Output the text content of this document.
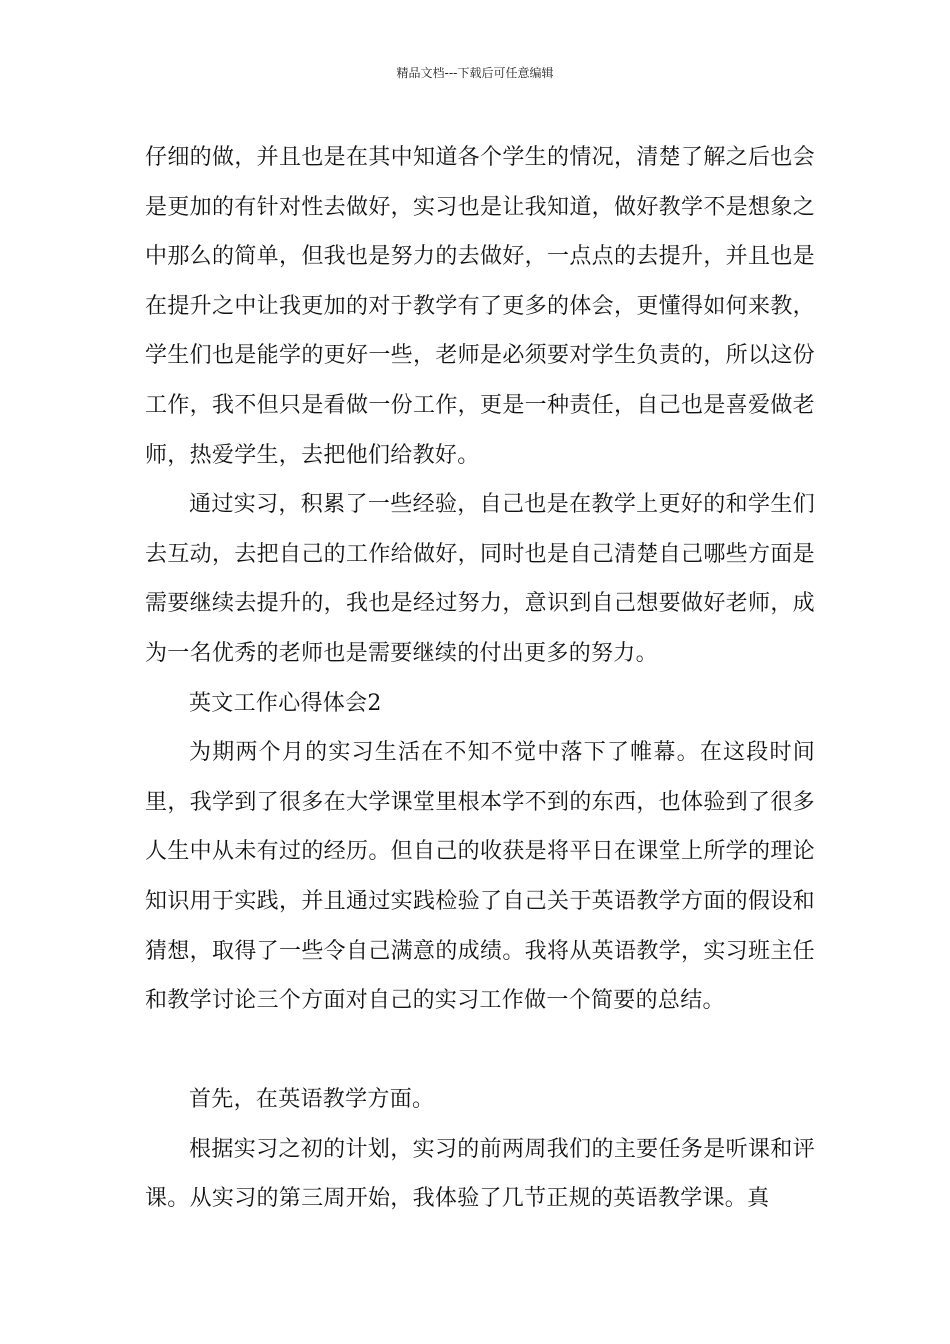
精品文档---下载后可任意编辑

仔细的做，并且也是在其中知道各个学生的情况，清楚了解之后也会是更加的有针对性去做好，实习也是让我知道，做好教学不是想象之中那么的简单，但我也是努力的去做好，一点点的去提升，并且也是在提升之中让我更加的对于教学有了更多的体会，更懂得如何来教，学生们也是能学的更好一些，老师是必须要对学生负责的，所以这份工作，我不但只是看做一份工作，更是一种责任，自己也是喜爱做老师，热爱学生，去把他们给教好。

通过实习，积累了一些经验，自己也是在教学上更好的和学生们去互动，去把自己的工作给做好，同时也是自己清楚自己哪些方面是需要继续去提升的，我也是经过努力，意识到自己想要做好老师，成为一名优秀的老师也是需要继续的付出更多的努力。

英文工作心得体会2

为期两个月的实习生活在不知不觉中落下了帷幕。在这段时间里，我学到了很多在大学课堂里根本学不到的东西，也体验到了很多人生中从未有过的经历。但自己的收获是将平日在课堂上所学的理论知识用于实践，并且通过实践检验了自己关于英语教学方面的假设和猜想，取得了一些令自己满意的成绩。我将从英语教学，实习班主任和教学讨论三个方面对自己的实习工作做一个简要的总结。

首先，在英语教学方面。

根据实习之初的计划，实习的前两周我们的主要任务是听课和评课。从实习的第三周开始，我体验了几节正规的英语教学课。真
